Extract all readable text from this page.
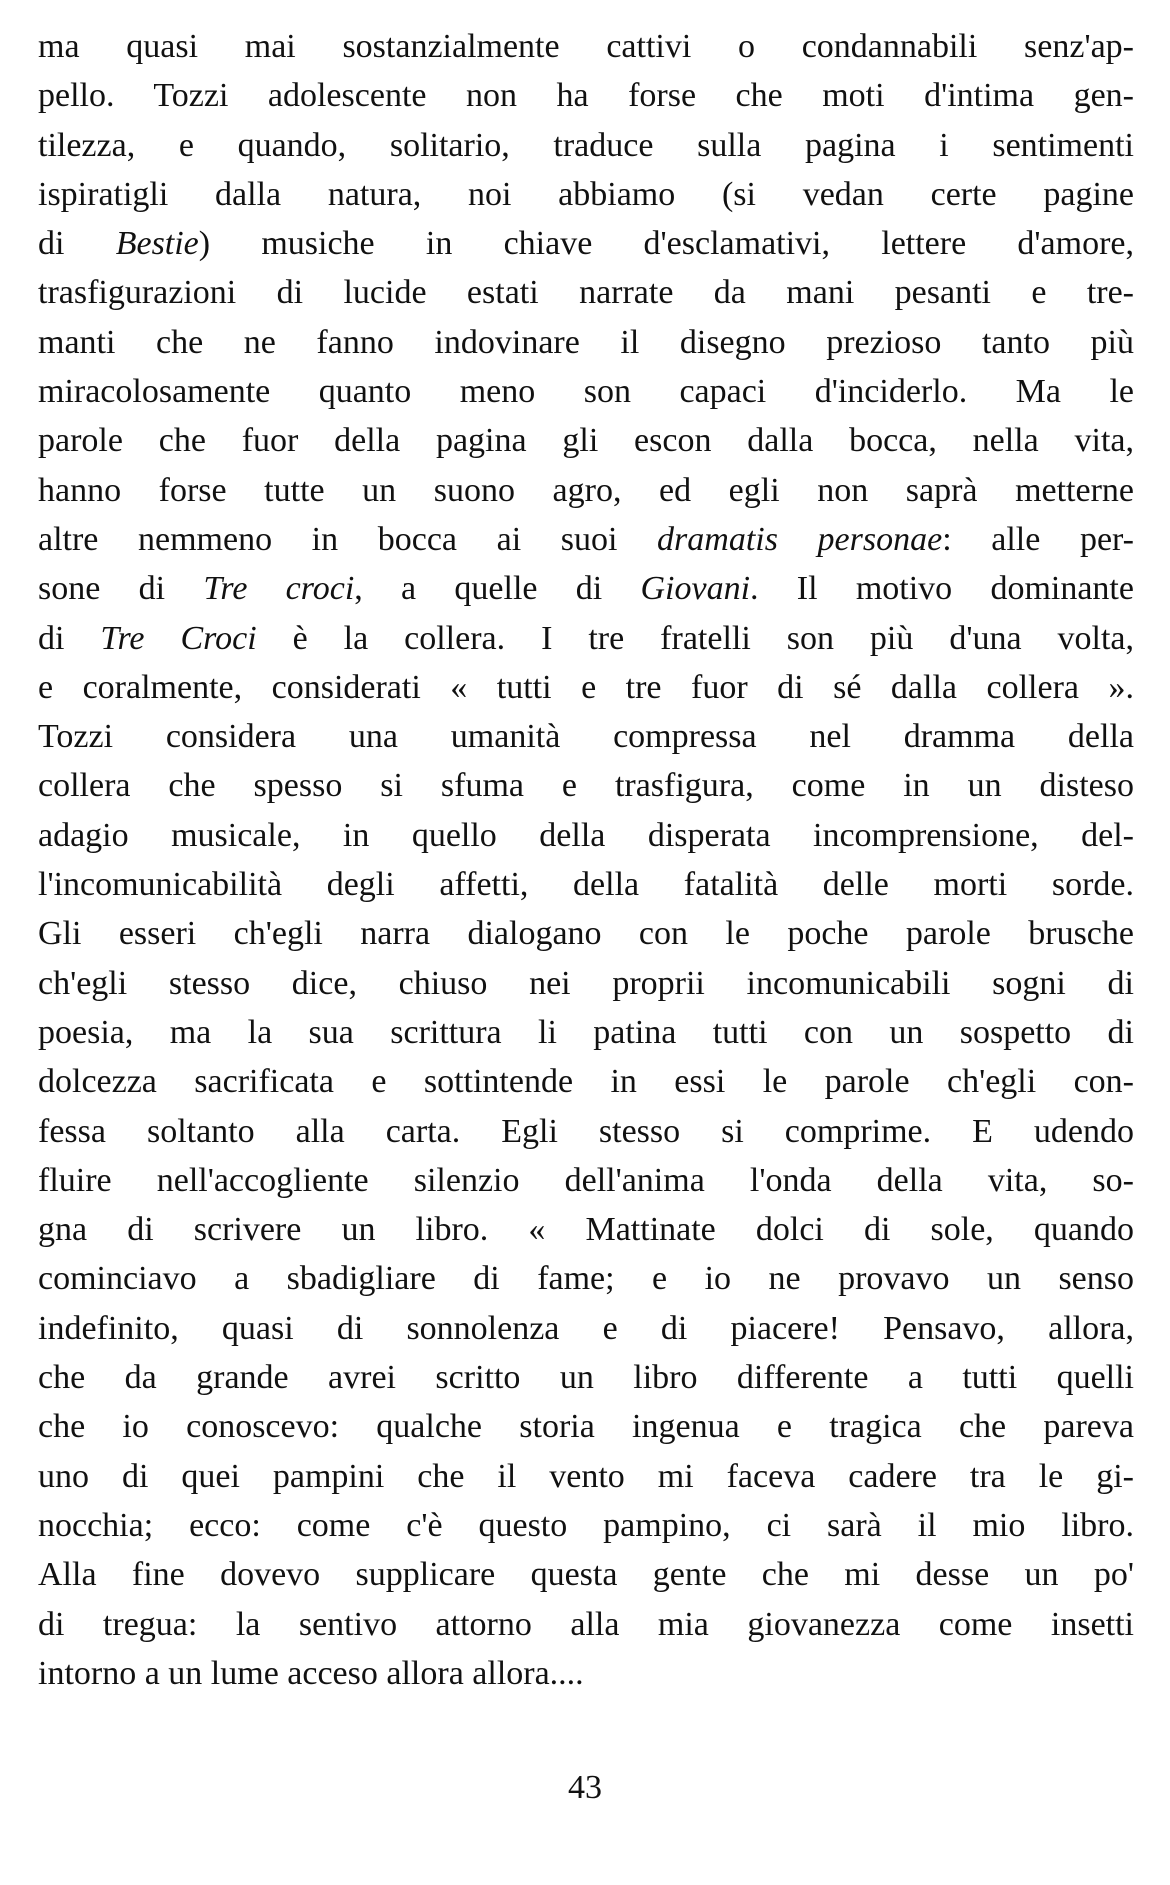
ma quasi mai sostanzialmente cattivi o condannabili senz'ap-
pello. Tozzi adolescente non ha forse che moti d'intima gen-
tilezza, e quando, solitario, traduce sulla pagina i sentimenti
ispiratigli dalla natura, noi abbiamo (si vedan certe pagine
di Bestie) musiche in chiave d'esclamativi, lettere d'amore,
trasfigurazioni di lucide estati narrate da mani pesanti e tre-
manti che ne fanno indovinare il disegno prezioso tanto più
miracolosamente quanto meno son capaci d'inciderlo. Ma le
parole che fuor della pagina gli escon dalla bocca, nella vita,
hanno forse tutte un suono agro, ed egli non saprà metterne
altre nemmeno in bocca ai suoi dramatis personae: alle per-
sone di Tre croci, a quelle di Giovani. Il motivo dominante
di Tre Croci è la collera. I tre fratelli son più d'una volta,
e coralmente, considerati « tutti e tre fuor di sé dalla collera ».
Tozzi considera una umanità compressa nel dramma della
collera che spesso si sfuma e trasfigura, come in un disteso
adagio musicale, in quello della disperata incomprensione, del-
l'incomunicabilità degli affetti, della fatalità delle morti sorde.
Gli esseri ch'egli narra dialogano con le poche parole brusche
ch'egli stesso dice, chiuso nei proprii incomunicabili sogni di
poesia, ma la sua scrittura li patina tutti con un sospetto di
dolcezza sacrificata e sottintende in essi le parole ch'egli con-
fessa soltanto alla carta. Egli stesso si comprime. E udendo
fluire nell'accogliente silenzio dell'anima l'onda della vita, so-
gna di scrivere un libro. « Mattinate dolci di sole, quando
cominciavo a sbadigliare di fame; e io ne provavo un senso
indefinito, quasi di sonnolenza e di piacere! Pensavo, allora,
che da grande avrei scritto un libro differente a tutti quelli
che io conoscevo: qualche storia ingenua e tragica che pareva
uno di quei pampini che il vento mi faceva cadere tra le gi-
nocchia; ecco: come c'è questo pampino, ci sarà il mio libro.
Alla fine dovevo supplicare questa gente che mi desse un po'
di tregua: la sentivo attorno alla mia giovanezza come insetti
intorno a un lume acceso allora allora....
43
